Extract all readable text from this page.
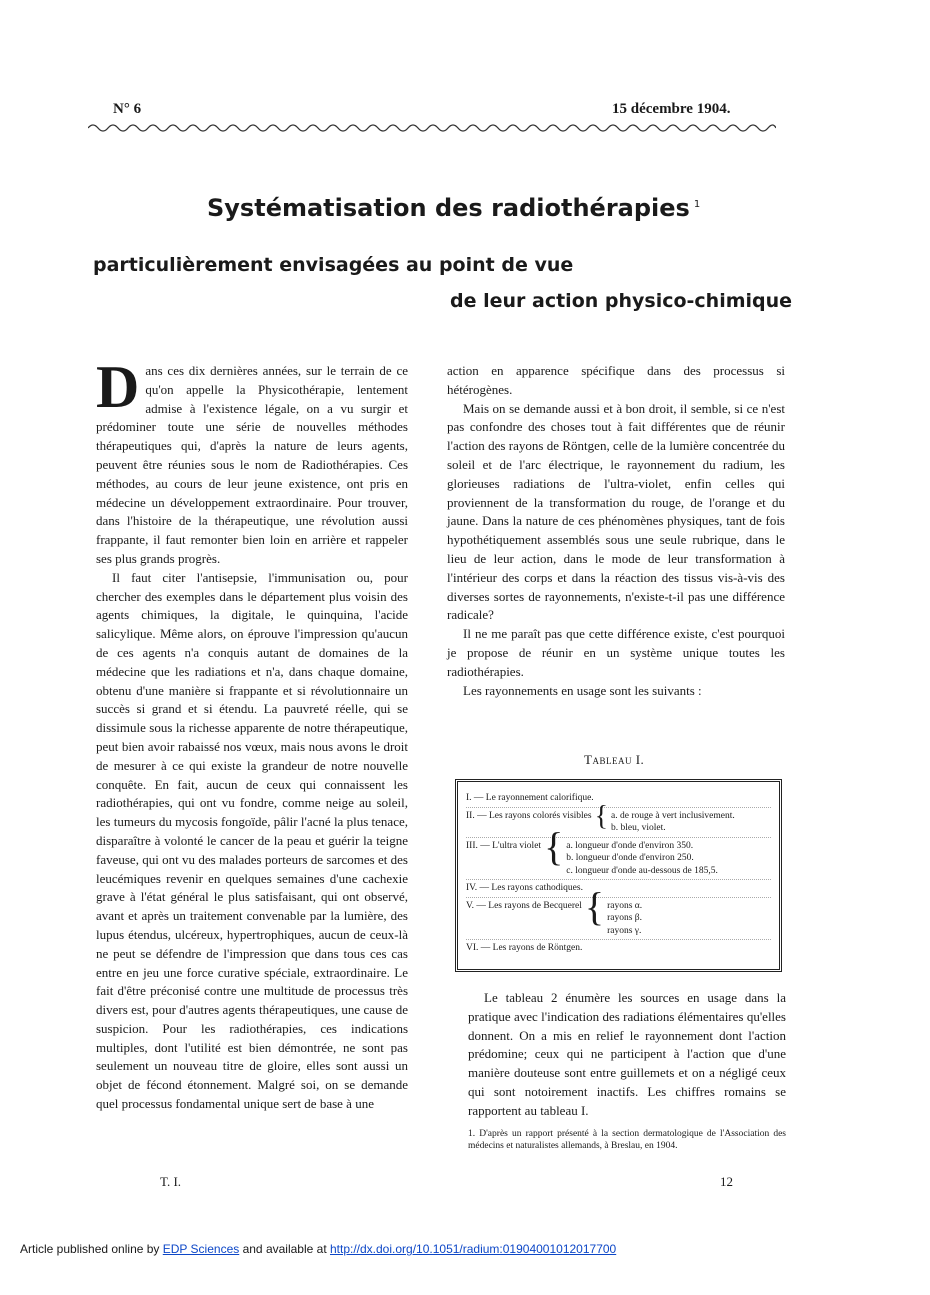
N° 6	15 décembre 1904.
Systématisation des radiothérapies $^1$
particulièrement envisagées au point de vue
de leur action physico-chimique

Dans ces dix dernières années, sur le terrain de ce qu'on appelle la Physicothérapie, lentement admise à l'existence légale, on a vu surgir et prédominer toute une série de nouvelles méthodes thérapeutiques qui, d'après la nature de leurs agents, peuvent être réunies sous le nom de Radiothérapies. Ces méthodes, au cours de leur jeune existence, ont pris en médecine un développement extraordinaire. Pour trouver, dans l'histoire de la thérapeutique, une révolution aussi frappante, il faut remonter bien loin en arrière et rappeler ses plus grands progrès.

Il faut citer l'antisepsie, l'immunisation ou, pour chercher des exemples dans le département plus voisin des agents chimiques, la digitale, le quinquina, l'acide salicylique. Même alors, on éprouve l'impression qu'aucun de ces agents n'a conquis autant de domaines de la médecine que les radiations et n'a, dans chaque domaine, obtenu d'une manière si frappante et si révolutionnaire un succès si grand et si étendu. La pauvreté réelle, qui se dissimule sous la richesse apparente de notre thérapeutique, peut bien avoir rabaissé nos vœux, mais nous avons le droit de mesurer à ce qui existe la grandeur de notre nouvelle conquête. En fait, aucun de ceux qui connaissent les radiothérapies, qui ont vu fondre, comme neige au soleil, les tumeurs du mycosis fongoïde, pâlir l'acné la plus tenace, disparaître à volonté le cancer de la peau et guérir la teigne faveuse, qui ont vu des malades porteurs de sarcomes et des leucémiques revenir en quelques semaines d'une cachexie grave à l'état général le plus satisfaisant, qui ont observé, avant et après un traitement convenable par la lumière, des lupus étendus, ulcéreux, hypertrophiques, aucun de ceux-là ne peut se défendre de l'impression que dans tous ces cas entre en jeu une force curative spéciale, extraordinaire. Le fait d'être préconisé contre une multitude de processus très divers est, pour d'autres agents thérapeutiques, une cause de suspicion. Pour les radiothérapies, ces indications multiples, dont l'utilité est bien démontrée, ne sont pas seulement un nouveau titre de gloire, elles sont aussi un objet de fécond étonnement. Malgré soi, on se demande quel processus fondamental unique sert de base à une

T. I.

action en apparence spécifique dans des processus si hétérogènes.

Mais on se demande aussi et à bon droit, il semble, si ce n'est pas confondre des choses tout à fait différentes que de réunir l'action des rayons de Röntgen, celle de la lumière concentrée du soleil et de l'arc électrique, le rayonnement du radium, les glorieuses radiations de l'ultra-violet, enfin celles qui proviennent de la transformation du rouge, de l'orange et du jaune. Dans la nature de ces phénomènes physiques, tant de fois hypothétiquement assemblés sous une seule rubrique, dans le lieu de leur action, dans le mode de leur transformation à l'intérieur des corps et dans la réaction des tissus vis-à-vis des diverses sortes de rayonnements, n'existe-t-il pas une différence radicale?

Il ne me paraît pas que cette différence existe, c'est pourquoi je propose de réunir en un système unique toutes les radiothérapies.

Les rayonnements en usage sont les suivants :

Tableau I.
I. — Le rayonnement calorifique.
II. — Les rayons colorés visibles { a. de rouge à vert inclusivement.
b. bleu, violet.
III. — L'ultra violet { a. longueur d'onde d'environ 350.
b. longueur d'onde d'environ 250.
c. longueur d'onde au-dessous de 185,5.
IV. — Les rayons cathodiques.
V. — Les rayons de Becquerel { rayons α.
rayons β.
rayons γ.
VI. — Les rayons de Röntgen.

Le tableau 2 énumère les sources en usage dans la pratique avec l'indication des radiations élémentaires qu'elles donnent. On a mis en relief le rayonnement dont l'action prédomine; ceux qui ne participent à l'action que d'une manière douteuse sont entre guillemets et on a négligé ceux qui sont notoirement inactifs. Les chiffres romains se rapportent au tableau I.

1. D'après un rapport présenté à la section dermatologique de l'Association des médecins et naturalistes allemands, à Breslau, en 1904.
12
Article published online by EDP Sciences and available at http://dx.doi.org/10.1051/radium:01904001012017700
